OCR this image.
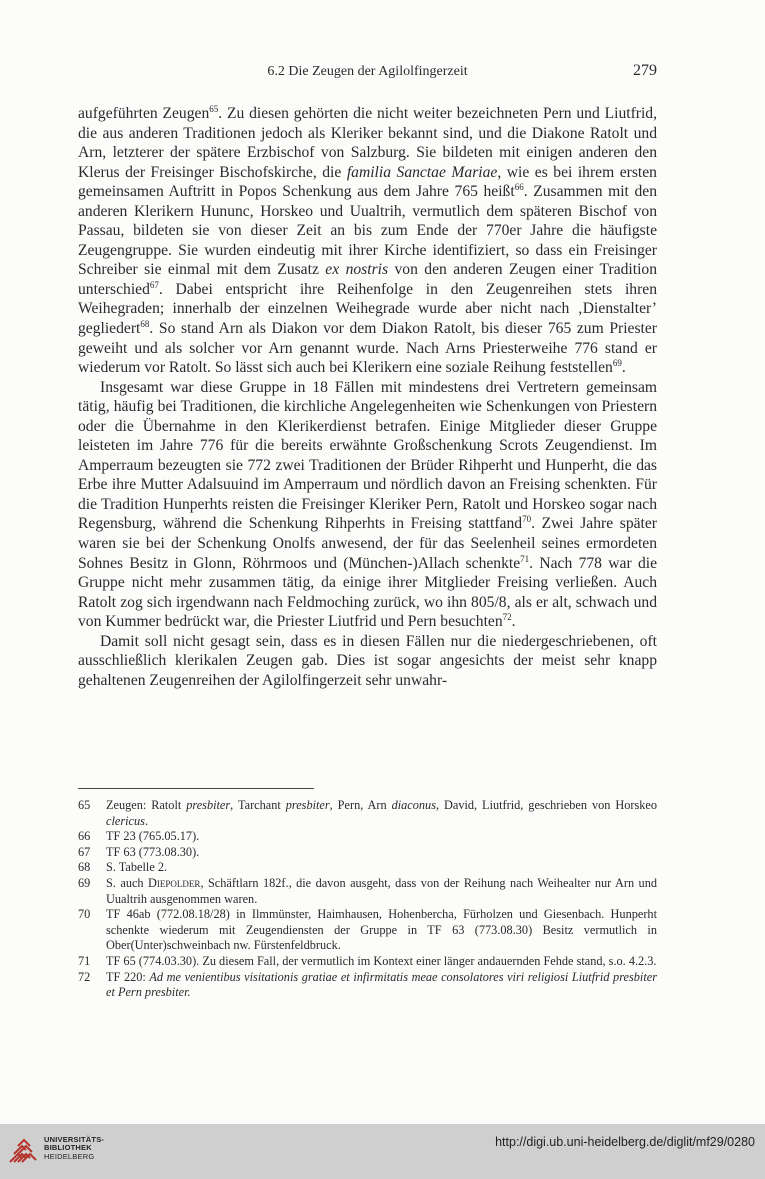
6.2 Die Zeugen der Agilolfingerzeit	279

aufgeführten Zeugen$^{65}$. Zu diesen gehörten die nicht weiter bezeichneten Pern und Liutfrid, die aus anderen Traditionen jedoch als Kleriker bekannt sind, und die Diakone Ratolt und Arn, letzterer der spätere Erzbischof von Salzburg. Sie bildeten mit einigen anderen den Klerus der Freisinger Bischofskirche, die familia Sanctae Mariae, wie es bei ihrem ersten gemeinsamen Auftritt in Popos Schenkung aus dem Jahre 765 heißt$^{66}$. Zusammen mit den anderen Klerikern Hununc, Horskeo und Uualtrih, vermutlich dem späteren Bischof von Passau, bildeten sie von dieser Zeit an bis zum Ende der 770er Jahre die häufigste Zeugengruppe. Sie wurden eindeutig mit ihrer Kirche identifiziert, so dass ein Freisinger Schreiber sie einmal mit dem Zusatz ex nostris von den anderen Zeugen einer Tradition unterschied$^{67}$. Dabei entspricht ihre Reihenfolge in den Zeugenreihen stets ihren Weihegraden; innerhalb der einzelnen Weihegrade wurde aber nicht nach ‚Dienstalter’ gegliedert$^{68}$. So stand Arn als Diakon vor dem Diakon Ratolt, bis dieser 765 zum Priester geweiht und als solcher vor Arn genannt wurde. Nach Arns Priesterweihe 776 stand er wiederum vor Ratolt. So lässt sich auch bei Klerikern eine soziale Reihung feststellen$^{69}$.

Insgesamt war diese Gruppe in 18 Fällen mit mindestens drei Vertretern gemeinsam tätig, häufig bei Traditionen, die kirchliche Angelegenheiten wie Schenkungen von Priestern oder die Übernahme in den Klerikerdienst betrafen. Einige Mitglieder dieser Gruppe leisteten im Jahre 776 für die bereits erwähnte Großschenkung Scrots Zeugendienst. Im Amperraum bezeugten sie 772 zwei Traditionen der Brüder Rihperht und Hunperht, die das Erbe ihre Mutter Adalsuuind im Amperraum und nördlich davon an Freising schenkten. Für die Tradition Hunperhts reisten die Freisinger Kleriker Pern, Ratolt und Horskeo sogar nach Regensburg, während die Schenkung Rihperhts in Freising stattfand$^{70}$. Zwei Jahre später waren sie bei der Schenkung Onolfs anwesend, der für das Seelenheil seines ermordeten Sohnes Besitz in Glonn, Röhrmoos und (München-)Allach schenkte$^{71}$. Nach 778 war die Gruppe nicht mehr zusammen tätig, da einige ihrer Mitglieder Freising verließen. Auch Ratolt zog sich irgendwann nach Feldmoching zurück, wo ihn 805/8, als er alt, schwach und von Kummer bedrückt war, die Priester Liutfrid und Pern besuchten$^{72}$.

Damit soll nicht gesagt sein, dass es in diesen Fällen nur die niedergeschriebenen, oft ausschließlich klerikalen Zeugen gab. Dies ist sogar angesichts der meist sehr knapp gehaltenen Zeugenreihen der Agilolfingerzeit sehr unwahr-

65	Zeugen: Ratolt presbiter, Tarchant presbiter, Pern, Arn diaconus, David, Liutfrid, geschrieben von Horskeo clericus.
66	TF 23 (765.05.17).
67	TF 63 (773.08.30).
68	S. Tabelle 2.
69	S. auch Diepolder, Schäftlarn 182f., die davon ausgeht, dass von der Reihung nach Weihealter nur Arn und Uualtrih ausgenommen waren.
70	TF 46ab (772.08.18/28) in Ilmmünster, Haimhausen, Hohenbercha, Fürholzen und Giesenbach. Hunperht schenkte wiederum mit Zeugendiensten der Gruppe in TF 63 (773.08.30) Besitz vermutlich in Ober(Unter)schweinbach nw. Fürstenfeldbruck.
71	TF 65 (774.03.30). Zu diesem Fall, der vermutlich im Kontext einer länger andauernden Fehde stand, s.o. 4.2.3.
72	TF 220: Ad me venientibus visitationis gratiae et infirmitatis meae consolatores viri religiosi Liutfrid presbiter et Pern presbiter.
UNIVERSITÄTS-
BIBLIOTHEK
HEIDELBERG
http://digi.ub.uni-heidelberg.de/diglit/mf29/0280
